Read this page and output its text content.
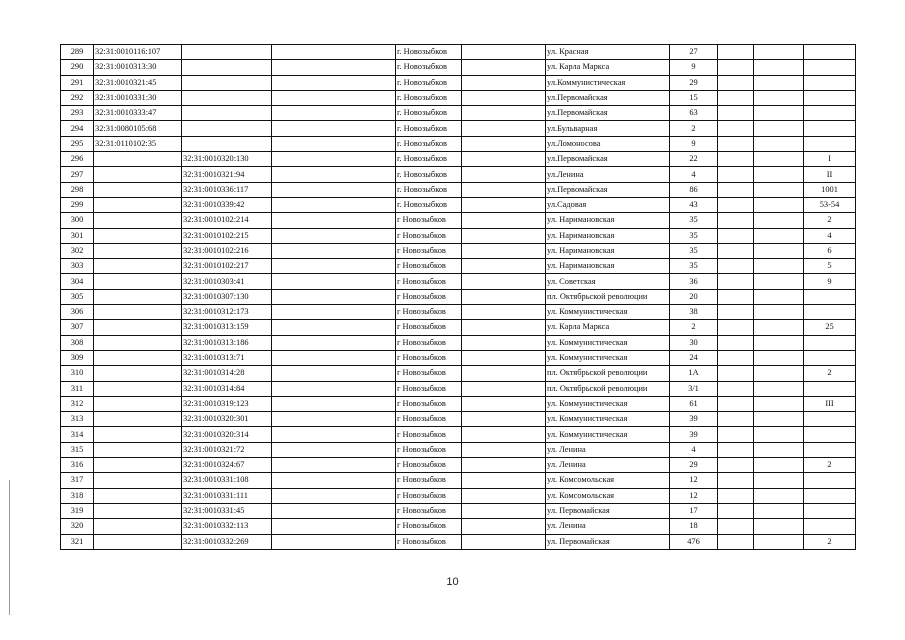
289	32:31:0010116:107			г. Новозыбков		ул. Красная	27			
290	32:31:0010313:30			г. Новозыбков		ул. Карла Маркса	9			
291	32:31:0010321:45			г. Новозыбков		ул.Коммунистическая	29			
292	32:31:0010331:30			г. Новозыбков		ул.Первомайская	15			
293	32:31:0010333:47			г. Новозыбков		ул.Первомайская	63			
294	32:31:0080105:68			г. Новозыбков		ул.Бульварная	2			
295	32:31:0110102:35			г. Новозыбков		ул.Ломоносова	9			
296		32:31:0010320:130		г. Новозыбков		ул.Первомайская	22			I
297		32:31:0010321:94		г. Новозыбков		ул.Ленина	4			II
298		32:31:0010336:117		г. Новозыбков		ул.Первомайская	86			1001
299		32:31:0010339:42		г. Новозыбков		ул.Садовая	43			53-54
300		32:31:0010102:214		г Новозыбков		ул. Наримановская	35			2
301		32:31:0010102:215		г Новозыбков		ул. Наримановская	35			4
302		32:31:0010102:216		г Новозыбков		ул. Наримановская	35			6
303		32:31:0010102:217		г Новозыбков		ул. Наримановская	35			5
304		32:31:0010303:41		г Новозыбков		ул. Советская	36			9
305		32:31:0010307:130		г Новозыбков		пл. Октябрьской революции	20			
306		32:31:0010312:173		г Новозыбков		ул. Коммунистическая	38			
307		32:31:0010313:159		г Новозыбков		ул. Карла Маркса	2			25
308		32:31:0010313:186		г Новозыбков		ул. Коммунистическая	30			
309		32:31:0010313:71		г Новозыбков		ул. Коммунистическая	24			
310		32:31:0010314:28		г Новозыбков		пл. Октябрьской революции	1А			2
311		32:31:0010314:84		г Новозыбков		пл. Октябрьской революции	3/1			
312		32:31:0010319:123		г Новозыбков		ул. Коммунистическая	61			III
313		32:31:0010320:301		г Новозыбков		ул. Коммунистическая	39			
314		32:31:0010320:314		г Новозыбков		ул. Коммунистическая	39			
315		32:31:0010321:72		г Новозыбков		ул. Ленина	4			
316		32:31:0010324:67		г Новозыбков		ул. Ленина	29			2
317		32:31:0010331:108		г Новозыбков		ул. Комсомольская	12			
318		32:31:0010331:111		г Новозыбков		ул. Комсомольская	12			
319		32:31:0010331:45		г Новозыбков		ул. Первомайская	17			
320		32:31:0010332:113		г Новозыбков		ул. Ленина	18			
321		32:31:0010332:269		г Новозыбков		ул. Первомайская	476			2
10
